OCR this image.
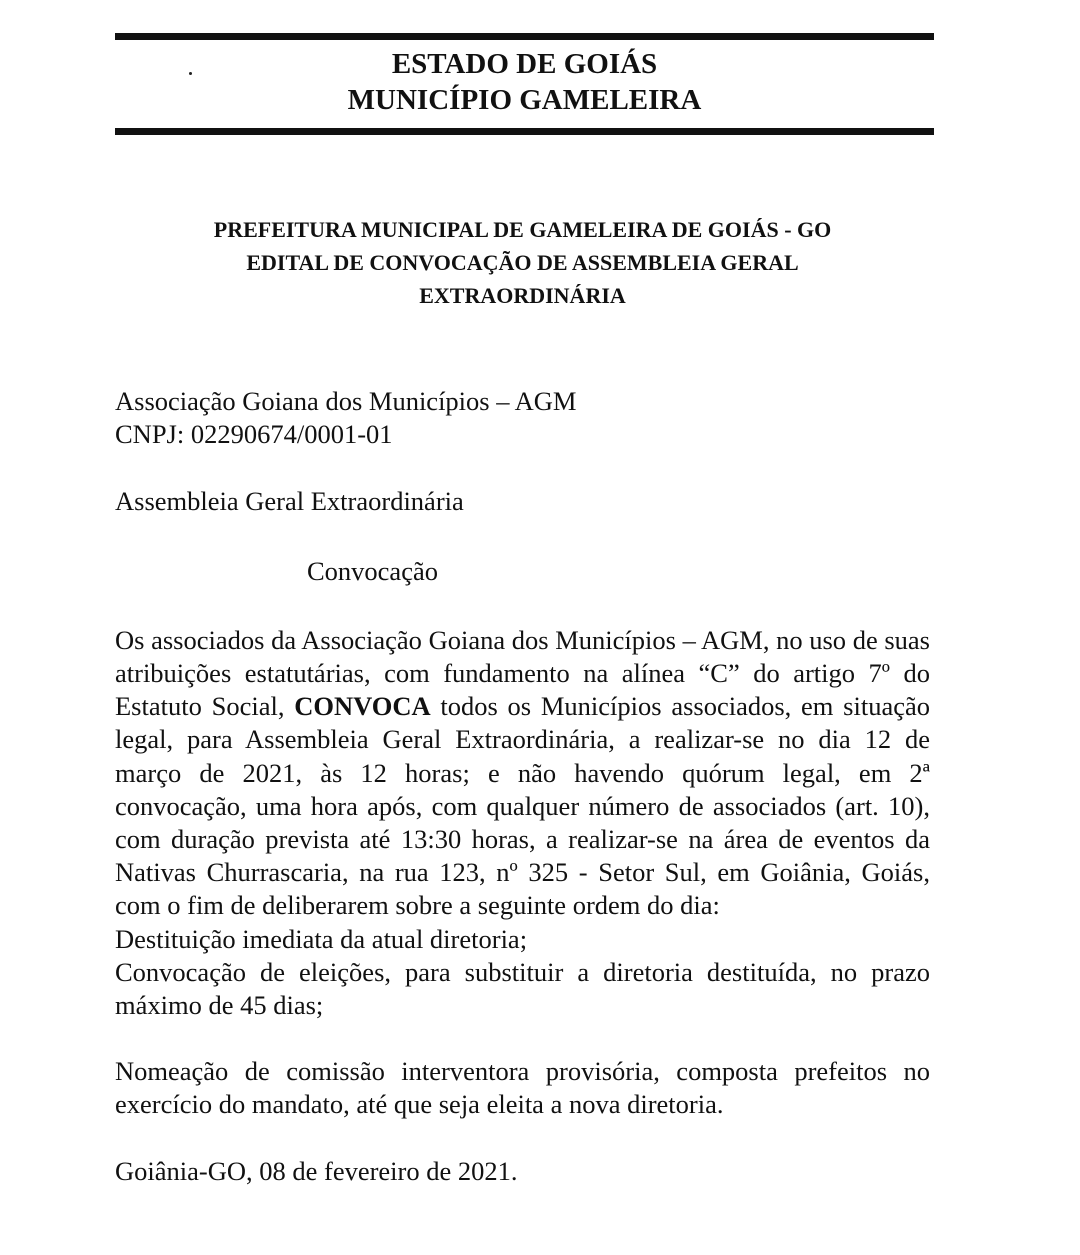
ESTADO DE GOIÁS
MUNICÍPIO GAMELEIRA
PREFEITURA MUNICIPAL DE GAMELEIRA DE GOIÁS - GO
EDITAL DE CONVOCAÇÃO DE ASSEMBLEIA GERAL
EXTRAORDINÁRIA

Associação Goiana dos Municípios – AGM
CNPJ: 02290674/0001-01

Assembleia Geral Extraordinária

Convocação

Os associados da Associação Goiana dos Municípios – AGM, no uso de suas atribuições estatutárias, com fundamento na alínea “C” do artigo 7º do Estatuto Social, CONVOCA todos os Municípios associados, em situação legal, para Assembleia Geral Extraordinária, a realizar-se no dia 12 de março de 2021, às 12 horas; e não havendo quórum legal, em 2ª convocação, uma hora após, com qualquer número de associados (art. 10), com duração prevista até 13:30 horas, a realizar-se na área de eventos da Nativas Churrascaria, na rua 123, nº 325 - Setor Sul, em Goiânia, Goiás, com o fim de deliberarem sobre a seguinte ordem do dia:

Destituição imediata da atual diretoria;

Convocação de eleições, para substituir a diretoria destituída, no prazo máximo de 45 dias;

Nomeação de comissão interventora provisória, composta prefeitos no exercício do mandato, até que seja eleita a nova diretoria.

Goiânia-GO, 08 de fevereiro de 2021.
